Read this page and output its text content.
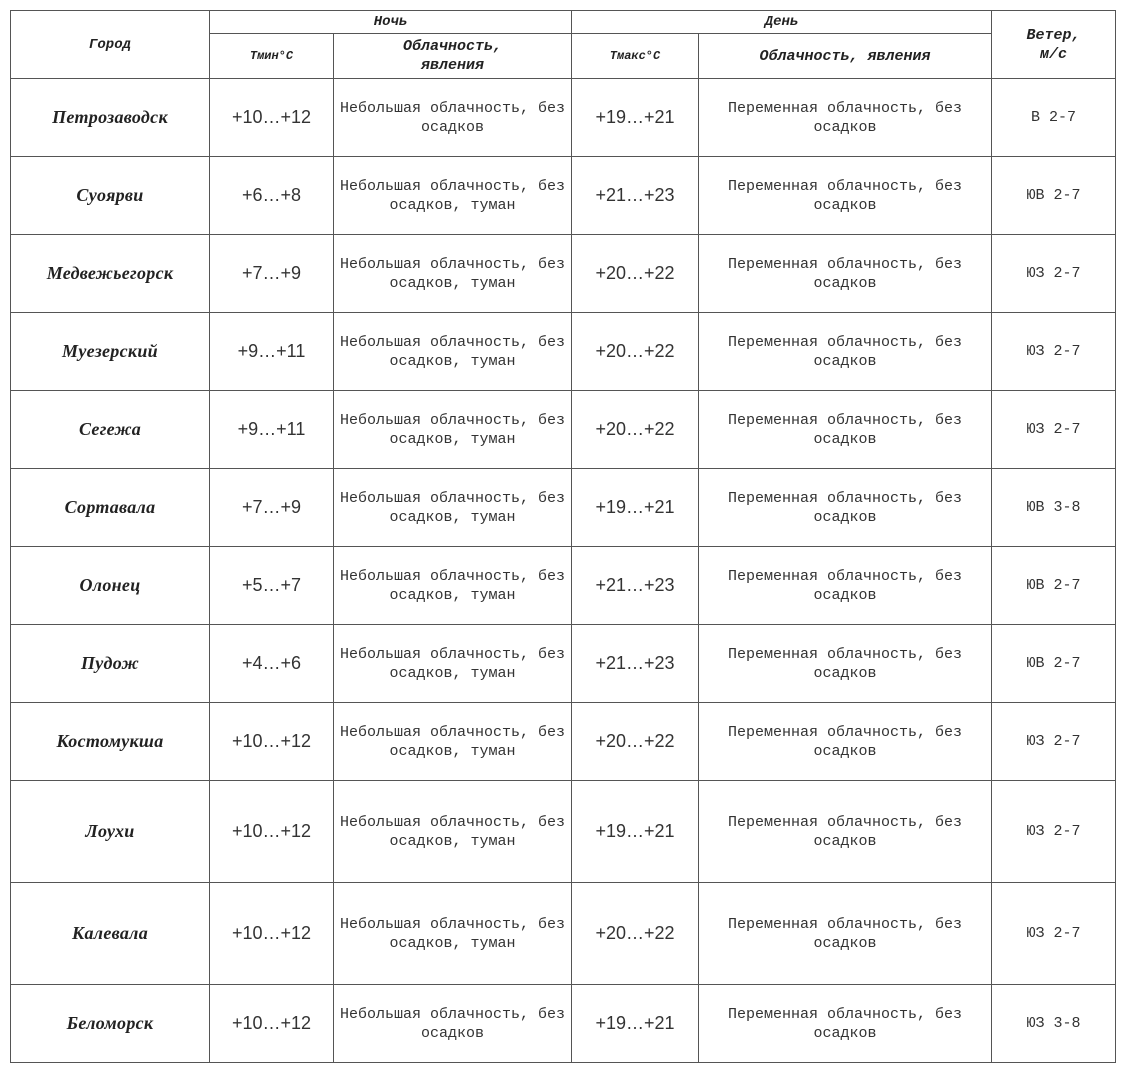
Город	Ночь		День		Ветер,
м/с
	Тмин°С	Облачность,
явления	Тмакс°С	Облачность, явления	
Петрозаводск	+10…+12	Небольшая облачность, без осадков	+19…+21	Переменная облачность, без осадков	В 2-7
Суоярви	+6…+8	Небольшая облачность, без осадков, туман	+21…+23	Переменная облачность, без осадков	ЮВ 2-7
Медвежьегорск	+7…+9	Небольшая облачность, без осадков, туман	+20…+22	Переменная облачность, без осадков	ЮЗ 2-7
Муезерский	+9…+11	Небольшая облачность, без осадков, туман	+20…+22	Переменная облачность, без осадков	ЮЗ 2-7
Сегежа	+9…+11	Небольшая облачность, без осадков, туман	+20…+22	Переменная облачность, без осадков	ЮЗ 2-7
Сортавала	+7…+9	Небольшая облачность, без осадков, туман	+19…+21	Переменная облачность, без осадков	ЮВ 3-8
Олонец	+5…+7	Небольшая облачность, без осадков, туман	+21…+23	Переменная облачность, без осадков	ЮВ 2-7
Пудож	+4…+6	Небольшая облачность, без осадков, туман	+21…+23	Переменная облачность, без осадков	ЮВ 2-7
Костомукша	+10…+12	Небольшая облачность, без осадков, туман	+20…+22	Переменная облачность, без осадков	ЮЗ 2-7
Лоухи	+10…+12	Небольшая облачность, без осадков, туман	+19…+21	Переменная облачность, без осадков	ЮЗ 2-7
Калевала	+10…+12	Небольшая облачность, без осадков, туман	+20…+22	Переменная облачность, без осадков	ЮЗ 2-7
Беломорск	+10…+12	Небольшая облачность, без осадков	+19…+21	Переменная облачность, без осадков	ЮЗ 3-8
